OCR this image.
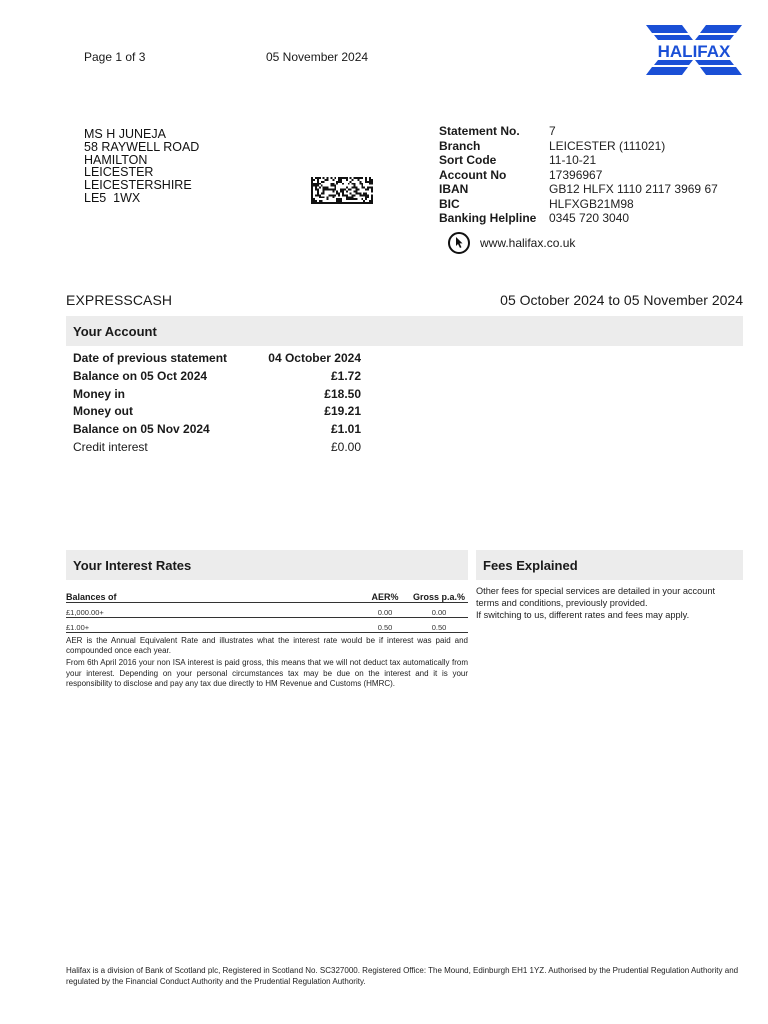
Page 1 of 3	05 November 2024	HALIFAX
MS H JUNEJA
58 RAYWELL ROAD
HAMILTON
LEICESTER
LEICESTERSHIRE
LE5  1WX
Statement No.	7
Branch	LEICESTER (111021)
Sort Code	11-10-21
Account No	17396967
IBAN	GB12 HLFX 1110 2117 3969 67
BIC	HLFXGB21M98
Banking Helpline	0345 720 3040
www.halifax.co.uk
EXPRESSCASH	05 October 2024 to 05 November 2024
Your Account
Date of previous statement	04 October 2024
Balance on 05 Oct 2024	£1.72
Money in	£18.50
Money out	£19.21
Balance on 05 Nov 2024	£1.01
Credit interest	£0.00
Your Interest Rates
Balances of	AER%	Gross p.a.%
£1,000.00+	0.00	0.00
£1.00+	0.50	0.50

AER is the Annual Equivalent Rate and illustrates what the interest rate would be if interest was paid and compounded once each year.

From 6th April 2016 your non ISA interest is paid gross, this means that we will not deduct tax automatically from your interest. Depending on your personal circumstances tax may be due on the interest and it is your responsibility to disclose and pay any tax due directly to HM Revenue and Customs (HMRC).

Fees Explained
Other fees for special services are detailed in your account
terms and conditions, previously provided.
If switching to us, different rates and fees may apply.
Halifax is a division of Bank of Scotland plc, Registered in Scotland No. SC327000. Registered Office: The Mound, Edinburgh EH1 1YZ. Authorised by the Prudential Regulation Authority and regulated by the Financial Conduct Authority and the Prudential Regulation Authority.
